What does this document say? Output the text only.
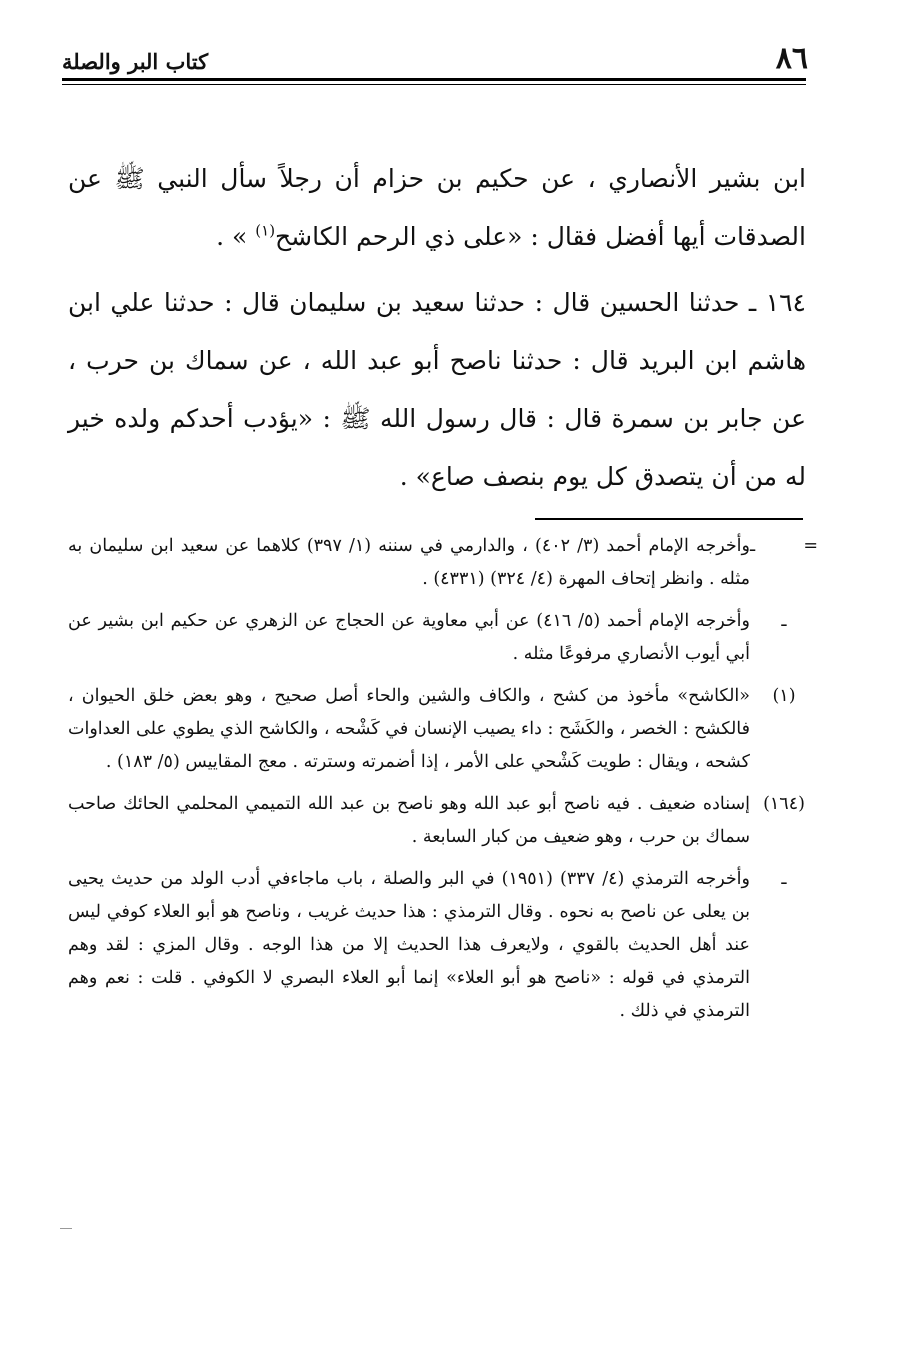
٨٦
كتاب البر والصلة

ابن بشير الأنصاري ، عن حكيم بن حزام أن رجلاً سأل النبي ﷺ عن الصدقات أيها أفضل فقال : «على ذي الرحم الكاشح$^{(١)}$ » .

١٦٤ ـ حدثنا الحسين قال : حدثنا سعيد بن سليمان قال : حدثنا علي ابن هاشم ابن البريد قال : حدثنا ناصح أبو عبد الله ، عن سماك بن حرب ، عن جابر بن سمرة قال : قال رسول الله ﷺ : «يؤدب أحدكم ولده خير له من أن يتصدق كل يوم بنصف صاع» .

=
ـ
وأخرجه الإمام أحمد (٣/ ٤٠٢) ، والدارمي في سننه (١/ ٣٩٧) كلاهما عن سعيد ابن سليمان به مثله . وانظر إتحاف المهرة (٤/ ٣٢٤) (٤٣٣١) .
ـ
وأخرجه الإمام أحمد (٥/ ٤١٦) عن أبي معاوية عن الحجاج عن الزهري عن حكيم ابن بشير عن أبي أيوب الأنصاري مرفوعًا مثله .
(١)
«الكاشح» مأخوذ من كشح ، والكاف والشين والحاء أصل صحيح ، وهو بعض خلق الحيوان ، فالكشح : الخصر ، والكَشَح : داء يصيب الإنسان في كَشْحه ، والكاشح الذي يطوي على العداوات كشحه ، ويقال : طويت كَشْحي على الأمر ، إذا أضمرته وسترته . معج المقاييس (٥/ ١٨٣) .
(١٦٤)
إسناده ضعيف . فيه ناصح أبو عبد الله وهو ناصح بن عبد الله التميمي المحلمي الحائك صاحب سماك بن حرب ، وهو ضعيف من كبار السابعة .
ـ
وأخرجه الترمذي (٤/ ٣٣٧) (١٩٥١) في البر والصلة ، باب ماجاءفي أدب الولد من حديث يحيى بن يعلى عن ناصح به نحوه . وقال الترمذي : هذا حديث غريب ، وناصح هو أبو العلاء كوفي ليس عند أهل الحديث بالقوي ، ولايعرف هذا الحديث إلا من هذا الوجه . وقال المزي : لقد وهم الترمذي في قوله : «ناصح هو أبو العلاء» إنما أبو العلاء البصري لا الكوفي . قلت : نعم وهم الترمذي في ذلك .
